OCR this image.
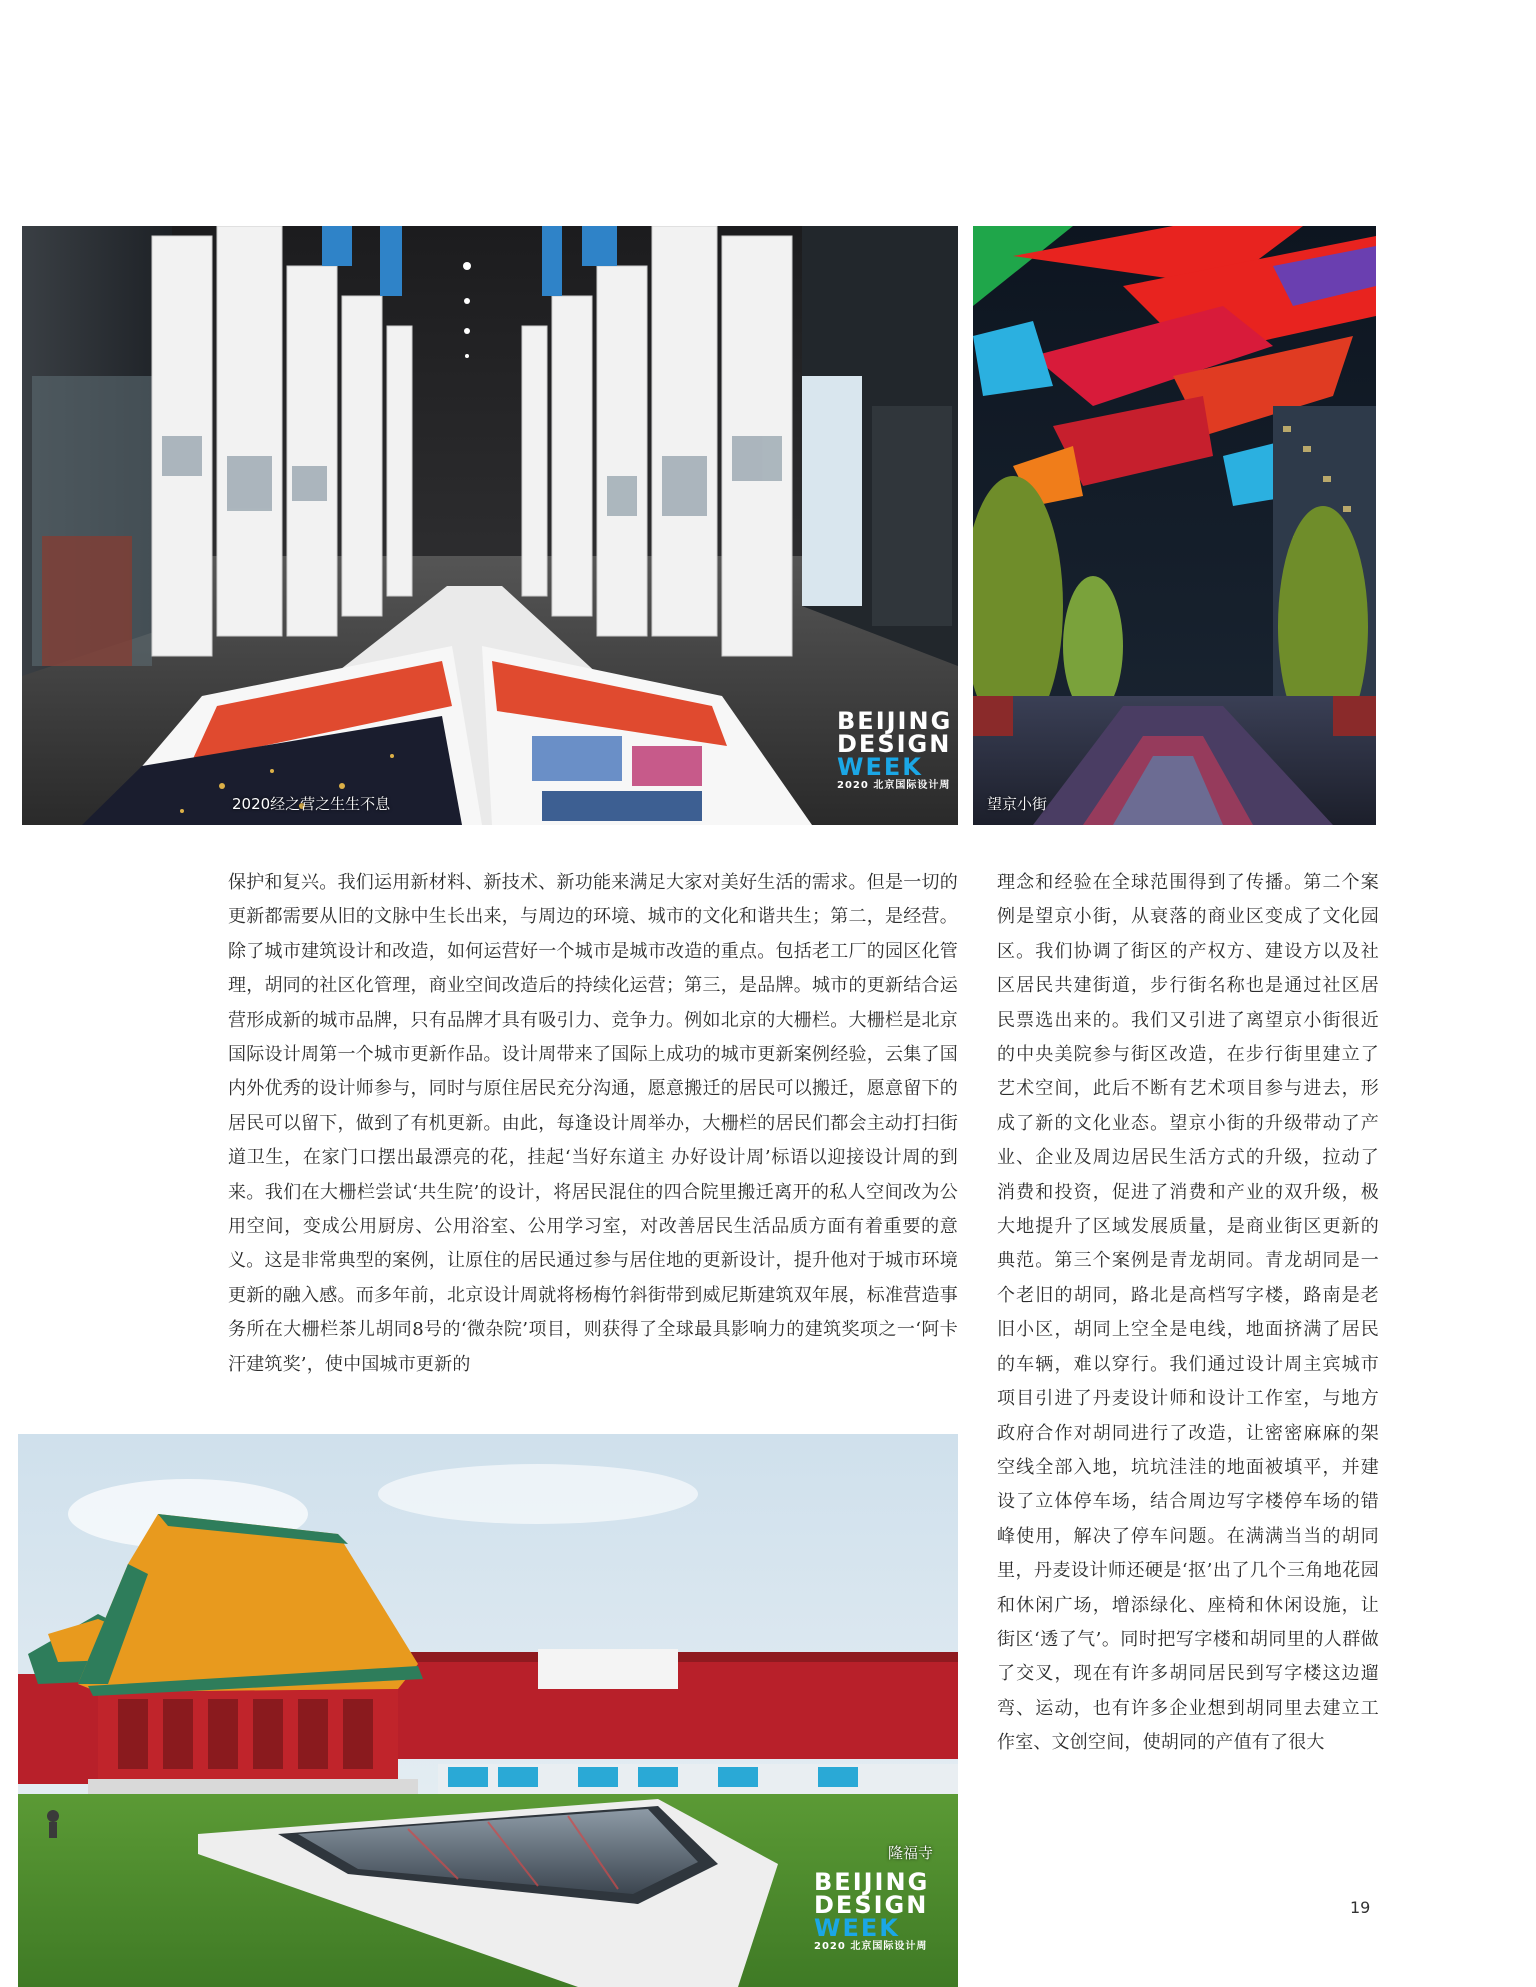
2020经之营之生生不息
BEIJING
DESIGN
WEEK
2020 北京国际设计周
望京小街

保护和复兴。我们运用新材料、新技术、新功能来满足大家对美好生活的需求。但是一切的更新都需要从旧的文脉中生长出来，与周边的环境、城市的文化和谐共生；第二，是经营。除了城市建筑设计和改造，如何运营好一个城市是城市改造的重点。包括老工厂的园区化管理，胡同的社区化管理，商业空间改造后的持续化运营；第三，是品牌。城市的更新结合运营形成新的城市品牌，只有品牌才具有吸引力、竞争力。例如北京的大栅栏。大栅栏是北京国际设计周第一个城市更新作品。设计周带来了国际上成功的城市更新案例经验，云集了国内外优秀的设计师参与，同时与原住居民充分沟通，愿意搬迁的居民可以搬迁，愿意留下的居民可以留下，做到了有机更新。由此，每逢设计周举办，大栅栏的居民们都会主动打扫街道卫生，在家门口摆出最漂亮的花，挂起‘当好东道主 办好设计周’标语以迎接设计周的到来。我们在大栅栏尝试‘共生院’的设计，将居民混住的四合院里搬迁离开的私人空间改为公用空间，变成公用厨房、公用浴室、公用学习室，对改善居民生活品质方面有着重要的意义。这是非常典型的案例，让原住的居民通过参与居住地的更新设计，提升他对于城市环境更新的融入感。而多年前，北京设计周就将杨梅竹斜街带到威尼斯建筑双年展，标准营造事务所在大栅栏茶儿胡同8号的‘微杂院’项目，则获得了全球最具影响力的建筑奖项之一‘阿卡汗建筑奖’，使中国城市更新的

理念和经验在全球范围得到了传播。第二个案例是望京小街，从衰落的商业区变成了文化园区。我们协调了街区的产权方、建设方以及社区居民共建街道，步行街名称也是通过社区居民票选出来的。我们又引进了离望京小街很近的中央美院参与街区改造，在步行街里建立了艺术空间，此后不断有艺术项目参与进去，形成了新的文化业态。望京小街的升级带动了产业、企业及周边居民生活方式的升级，拉动了消费和投资，促进了消费和产业的双升级，极大地提升了区域发展质量，是商业街区更新的典范。第三个案例是青龙胡同。青龙胡同是一个老旧的胡同，路北是高档写字楼，路南是老旧小区，胡同上空全是电线，地面挤满了居民的车辆，难以穿行。我们通过设计周主宾城市项目引进了丹麦设计师和设计工作室，与地方政府合作对胡同进行了改造，让密密麻麻的架空线全部入地，坑坑洼洼的地面被填平，并建设了立体停车场，结合周边写字楼停车场的错峰使用，解决了停车问题。在满满当当的胡同里，丹麦设计师还硬是‘抠’出了几个三角地花园和休闲广场，增添绿化、座椅和休闲设施，让街区‘透了气’。同时把写字楼和胡同里的人群做了交叉，现在有许多胡同居民到写字楼这边遛弯、运动，也有许多企业想到胡同里去建立工作室、文创空间，使胡同的产值有了很大

隆福寺
BEIJING
DESIGN
WEEK
2020 北京国际设计周
19
